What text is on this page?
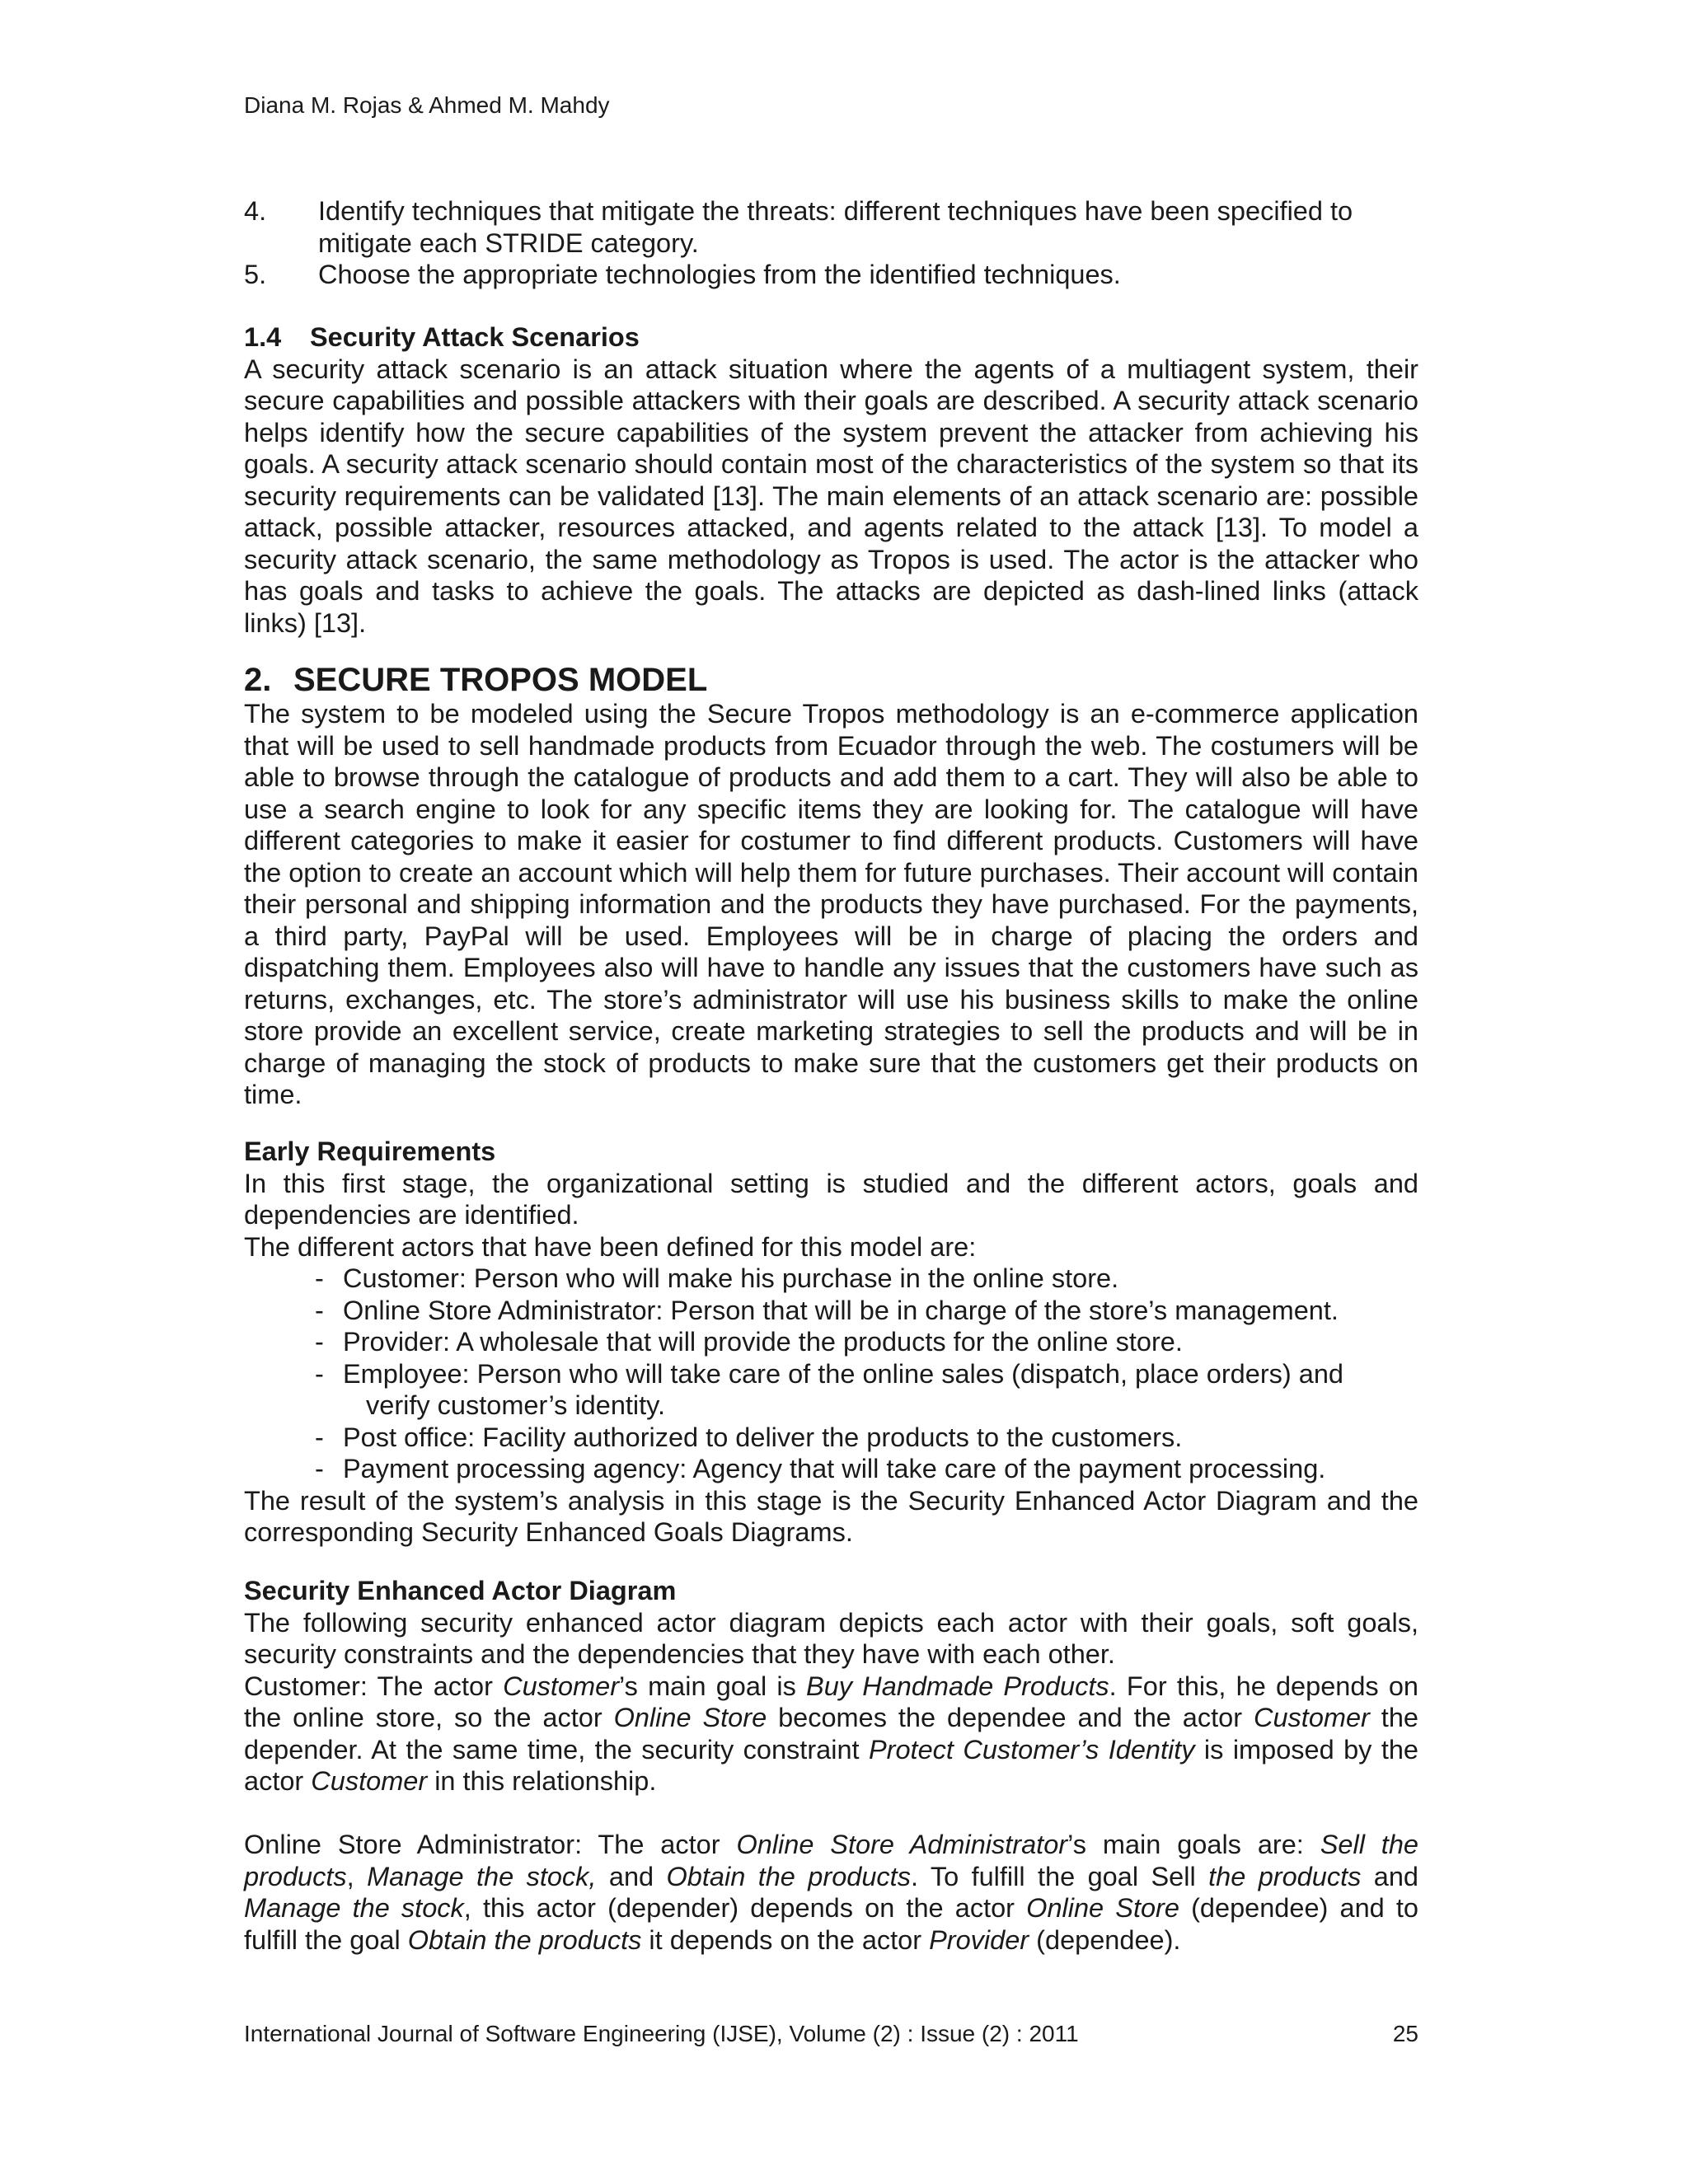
Diana M. Rojas & Ahmed M. Mahdy
4. Identify techniques that mitigate the threats: different techniques have been specified to
mitigate each STRIDE category.
5. Choose the appropriate technologies from the identified techniques.
1.4 Security Attack Scenarios

A security attack scenario is an attack situation where the agents of a multiagent system, their secure capabilities and possible attackers with their goals are described. A security attack scenario helps identify how the secure capabilities of the system prevent the attacker from achieving his goals. A security attack scenario should contain most of the characteristics of the system so that its security requirements can be validated [13]. The main elements of an attack scenario are: possible attack, possible attacker, resources attacked, and agents related to the attack [13]. To model a security attack scenario, the same methodology as Tropos is used. The actor is the attacker who has goals and tasks to achieve the goals. The attacks are depicted as dash-lined links (attack links) [13].

2. SECURE TROPOS MODEL

The system to be modeled using the Secure Tropos methodology is an e-commerce application that will be used to sell handmade products from Ecuador through the web. The costumers will be able to browse through the catalogue of products and add them to a cart. They will also be able to use a search engine to look for any specific items they are looking for. The catalogue will have different categories to make it easier for costumer to find different products. Customers will have the option to create an account which will help them for future purchases. Their account will contain their personal and shipping information and the products they have purchased. For the payments, a third party, PayPal will be used. Employees will be in charge of placing the orders and dispatching them. Employees also will have to handle any issues that the customers have such as returns, exchanges, etc. The store’s administrator will use his business skills to make the online store provide an excellent service, create marketing strategies to sell the products and will be in charge of managing the stock of products to make sure that the customers get their products on time.

Early Requirements

In this first stage, the organizational setting is studied and the different actors, goals and dependencies are identified.

The different actors that have been defined for this model are:

- Customer: Person who will make his purchase in the online store.
- Online Store Administrator: Person that will be in charge of the store’s management.
- Provider: A wholesale that will provide the products for the online store.
- Employee: Person who will take care of the online sales (dispatch, place orders) and
verify customer’s identity.
- Post office: Facility authorized to deliver the products to the customers.
- Payment processing agency: Agency that will take care of the payment processing.

The result of the system’s analysis in this stage is the Security Enhanced Actor Diagram and the corresponding Security Enhanced Goals Diagrams.

Security Enhanced Actor Diagram

The following security enhanced actor diagram depicts each actor with their goals, soft goals, security constraints and the dependencies that they have with each other.

Customer: The actor Customer’s main goal is Buy Handmade Products. For this, he depends on the online store, so the actor Online Store becomes the dependee and the actor Customer the depender. At the same time, the security constraint Protect Customer’s Identity is imposed by the actor Customer in this relationship.

Online Store Administrator: The actor Online Store Administrator’s main goals are: Sell the products, Manage the stock, and Obtain the products. To fulfill the goal Sell the products and Manage the stock, this actor (depender) depends on the actor Online Store (dependee) and to fulfill the goal Obtain the products it depends on the actor Provider (dependee).

International Journal of Software Engineering (IJSE), Volume (2) : Issue (2) : 2011	25
